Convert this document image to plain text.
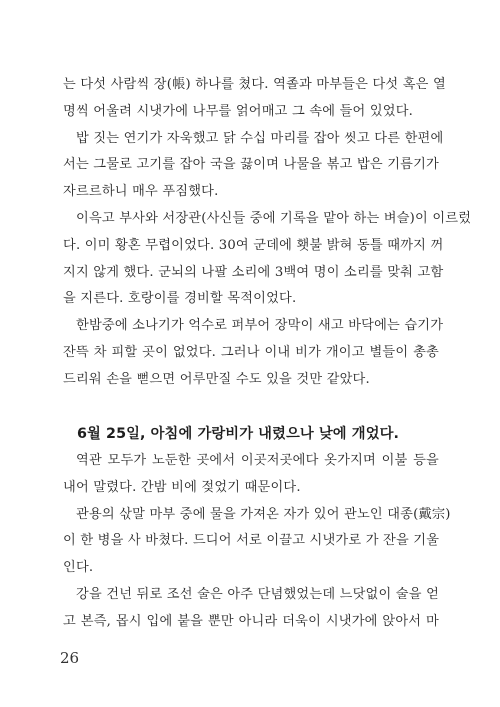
는 다섯 사람씩 장(帳) 하나를 쳤다. 역졸과 마부들은 다섯 혹은 열
명씩 어울려 시냇가에 나무를 얽어매고 그 속에 들어 있었다.
밥 짓는 연기가 자욱했고 닭 수십 마리를 잡아 씻고 다른 한편에
서는 그물로 고기를 잡아 국을 끓이며 나물을 볶고 밥은 기름기가
자르르하니 매우 푸짐했다.
이윽고 부사와 서장관(사신들 중에 기록을 맡아 하는 벼슬)이 이르렀
다. 이미 황혼 무렵이었다. 30여 군데에 횃불 밝혀 동틀 때까지 꺼
지지 않게 했다. 군뇌의 나팔 소리에 3백여 명이 소리를 맞춰 고함
을 지른다. 호랑이를 경비할 목적이었다.
한밤중에 소나기가 억수로 퍼부어 장막이 새고 바닥에는 습기가
잔뜩 차 피할 곳이 없었다. 그러나 이내 비가 개이고 별들이 총총
드리워 손을 뻗으면 어루만질 수도 있을 것만 같았다.
6월 25일, 아침에 가랑비가 내렸으나 낮에 개었다.
역관 모두가 노둔한 곳에서 이곳저곳에다 옷가지며 이불 등을
내어 말렸다. 간밤 비에 젖었기 때문이다.
관용의 삯말 마부 중에 물을 가져온 자가 있어 관노인 대종(戴宗)
이 한 병을 사 바쳤다. 드디어 서로 이끌고 시냇가로 가 잔을 기울
인다.
강을 건넌 뒤로 조선 술은 아주 단념했었는데 느닷없이 술을 얻
고 본즉, 몹시 입에 붙을 뿐만 아니라 더욱이 시냇가에 앉아서 마
26
